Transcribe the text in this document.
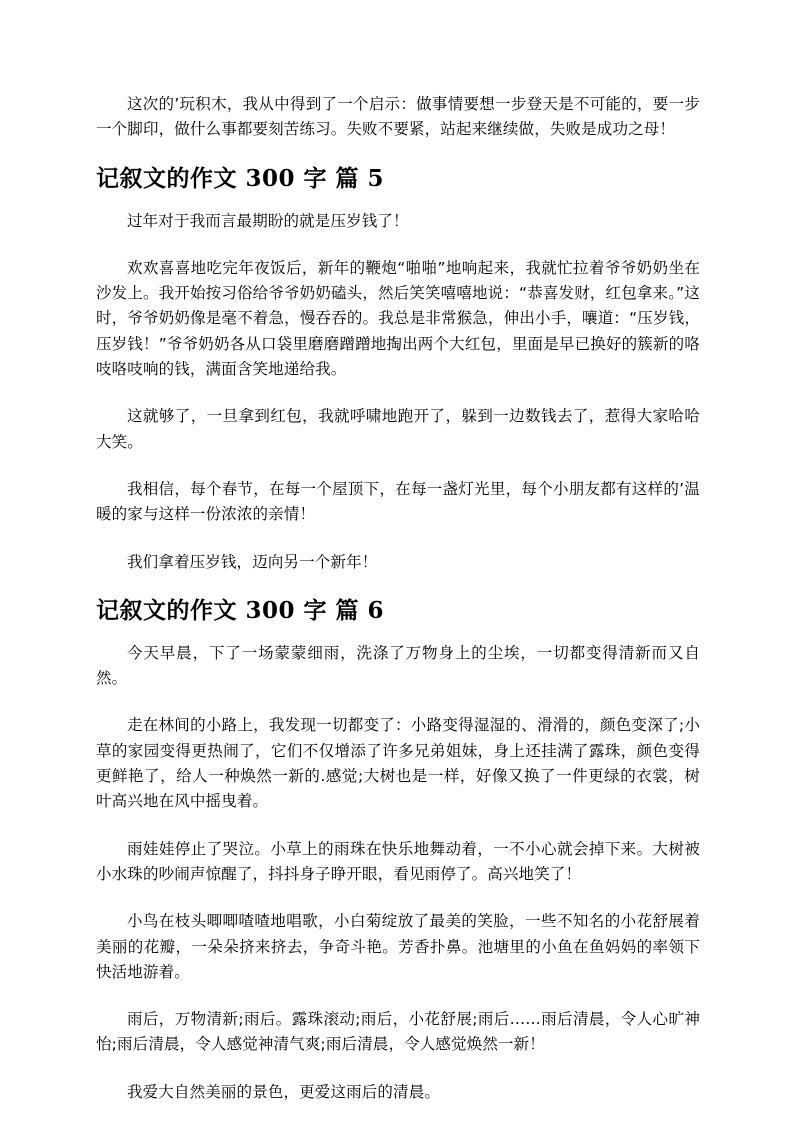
这次的’玩积木，我从中得到了一个启示：做事情要想一步登天是不可能的，要一步一个脚印，做什么事都要刻苦练习。失败不要紧，站起来继续做，失败是成功之母！

记叙文的作文 300 字 篇 5

过年对于我而言最期盼的就是压岁钱了！

欢欢喜喜地吃完年夜饭后，新年的鞭炮“啪啪”地响起来，我就忙拉着爷爷奶奶坐在沙发上。我开始按习俗给爷爷奶奶磕头，然后笑笑嘻嘻地说：“恭喜发财，红包拿来。”这时，爷爷奶奶像是毫不着急，慢吞吞的。我总是非常猴急，伸出小手，嚷道：“压岁钱，压岁钱！”爷爷奶奶各从口袋里磨磨蹭蹭地掏出两个大红包，里面是早已换好的簇新的咯吱咯吱响的钱，满面含笑地递给我。

这就够了，一旦拿到红包，我就呼啸地跑开了，躲到一边数钱去了，惹得大家哈哈大笑。

我相信，每个春节，在每一个屋顶下，在每一盏灯光里，每个小朋友都有这样的’温暖的家与这样一份浓浓的亲情！

我们拿着压岁钱，迈向另一个新年！

记叙文的作文 300 字 篇 6

今天早晨，下了一场蒙蒙细雨，洗涤了万物身上的尘埃，一切都变得清新而又自然。

走在林间的小路上，我发现一切都变了：小路变得湿湿的、滑滑的，颜色变深了;小草的家园变得更热闹了，它们不仅增添了许多兄弟姐妹，身上还挂满了露珠，颜色变得更鲜艳了，给人一种焕然一新的.感觉;大树也是一样，好像又换了一件更绿的衣裳，树叶高兴地在风中摇曳着。

雨娃娃停止了哭泣。小草上的雨珠在快乐地舞动着，一不小心就会掉下来。大树被小水珠的吵闹声惊醒了，抖抖身子睁开眼，看见雨停了。高兴地笑了！

小鸟在枝头唧唧喳喳地唱歌，小白菊绽放了最美的笑脸，一些不知名的小花舒展着美丽的花瓣，一朵朵挤来挤去，争奇斗艳。芳香扑鼻。池塘里的小鱼在鱼妈妈的率领下快活地游着。

雨后，万物清新;雨后。露珠滚动;雨后，小花舒展;雨后……雨后清晨，令人心旷神怡;雨后清晨，令人感觉神清气爽;雨后清晨，令人感觉焕然一新！

我爱大自然美丽的景色，更爱这雨后的清晨。
